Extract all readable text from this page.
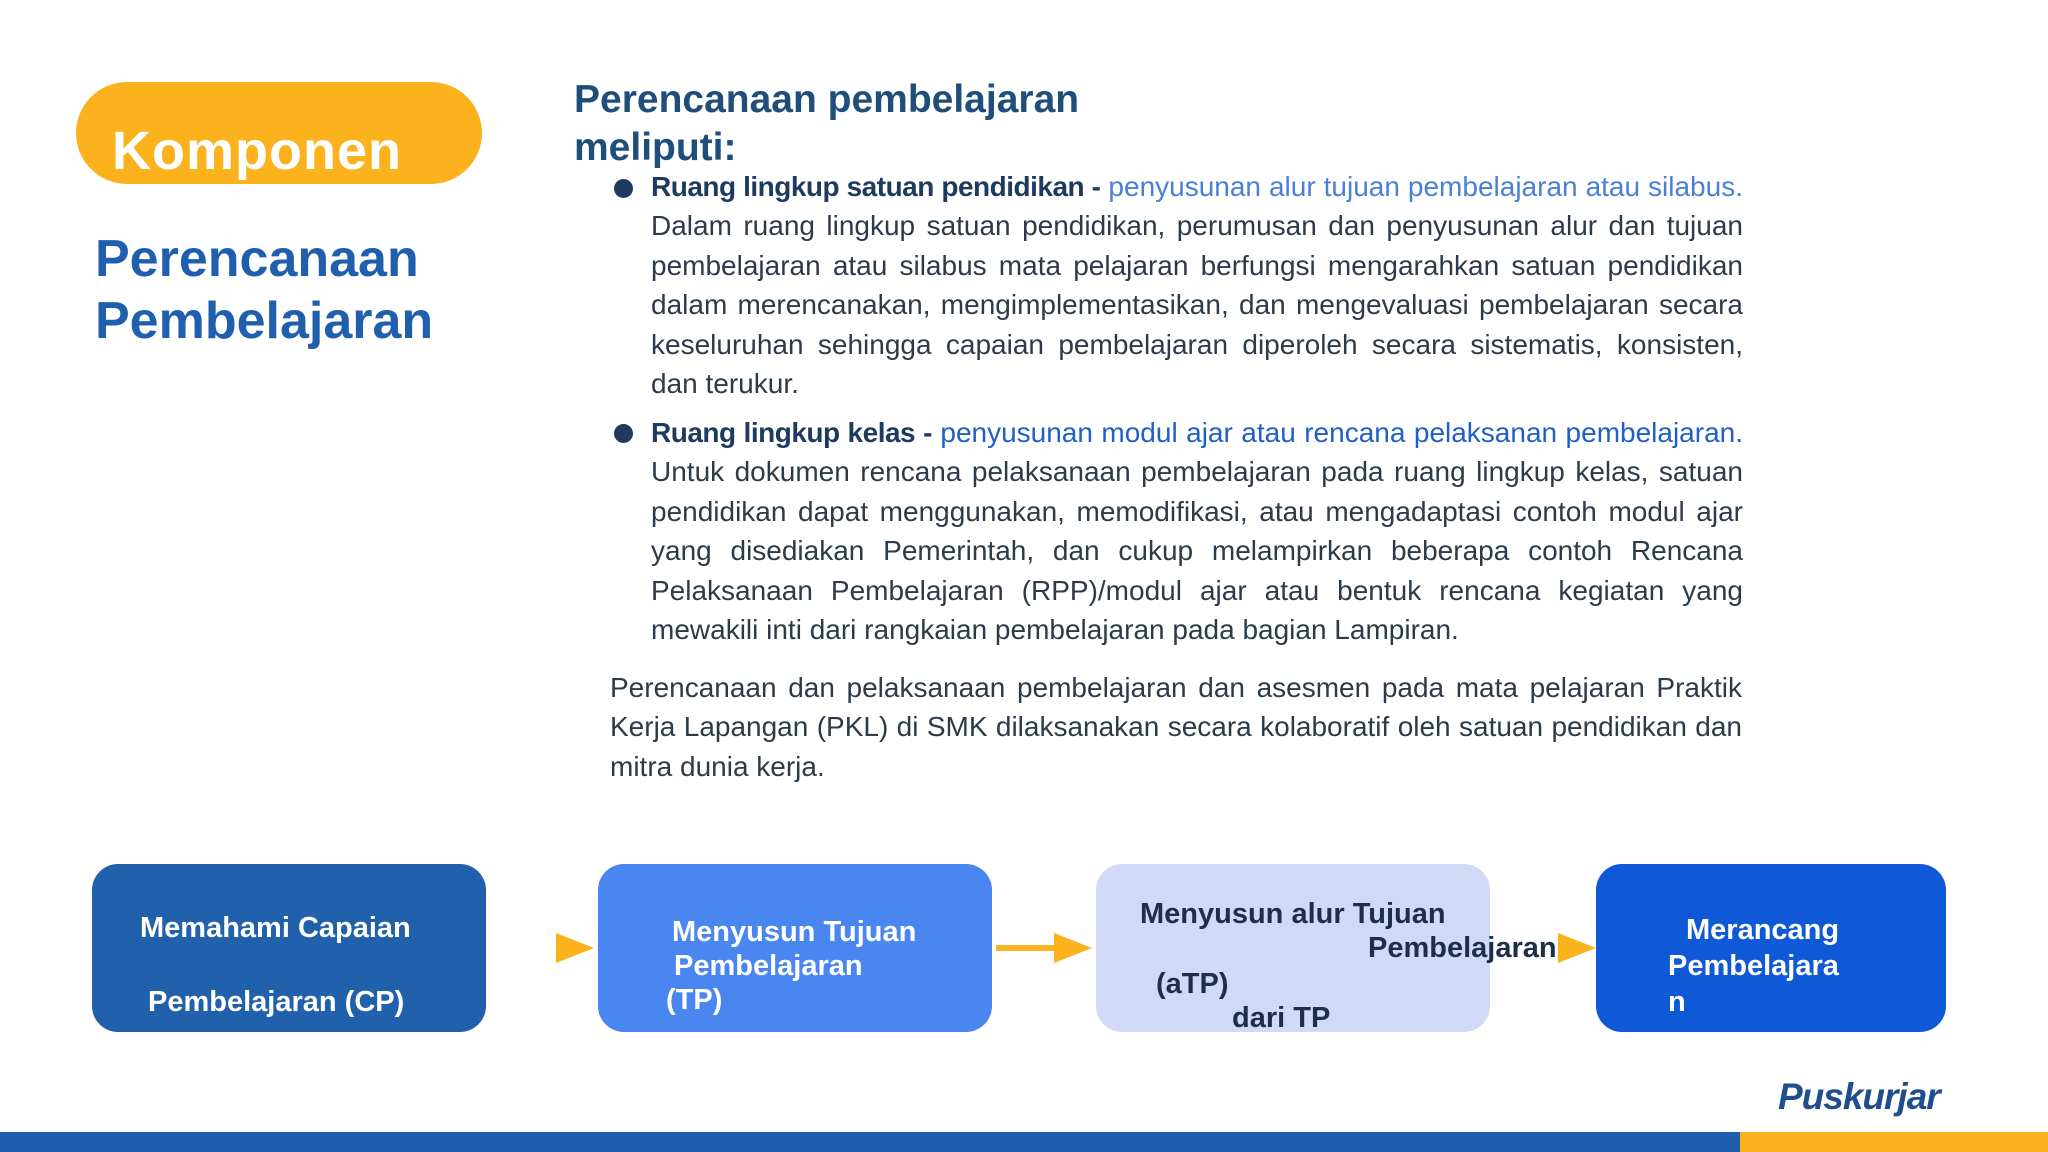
Komponen
Perencanaan
Pembelajaran
Perencanaan pembelajaran meliputi:
Ruang lingkup satuan pendidikan - penyusunan alur tujuan pembelajaran atau silabus. Dalam ruang lingkup satuan pendidikan, perumusan dan penyusunan alur dan tujuan pembelajaran atau silabus mata pelajaran berfungsi mengarahkan satuan pendidikan dalam merencanakan, mengimplementasikan, dan mengevaluasi pembelajaran secara keseluruhan sehingga capaian pembelajaran diperoleh secara sistematis, konsisten, dan terukur.
Ruang lingkup kelas - penyusunan modul ajar atau rencana pelaksanan pembelajaran. Untuk dokumen rencana pelaksanaan pembelajaran pada ruang lingkup kelas, satuan pendidikan dapat menggunakan, memodifikasi, atau mengadaptasi contoh modul ajar yang disediakan Pemerintah, dan cukup melampirkan beberapa contoh Rencana Pelaksanaan Pembelajaran (RPP)/modul ajar atau bentuk rencana kegiatan yang mewakili inti dari rangkaian pembelajaran pada bagian Lampiran.
Perencanaan dan pelaksanaan pembelajaran dan asesmen pada mata pelajaran Praktik Kerja Lapangan (PKL) di SMK dilaksanakan secara kolaboratif oleh satuan pendidikan dan mitra dunia kerja.
Memahami Capaian
Pembelajaran (CP)
Menyusun Tujuan
Pembelajaran
(TP)
Menyusun alur Tujuan
Pembelajaran
(aTP)
dari TP
Merancang
Pembelajara
n
Puskurjar
